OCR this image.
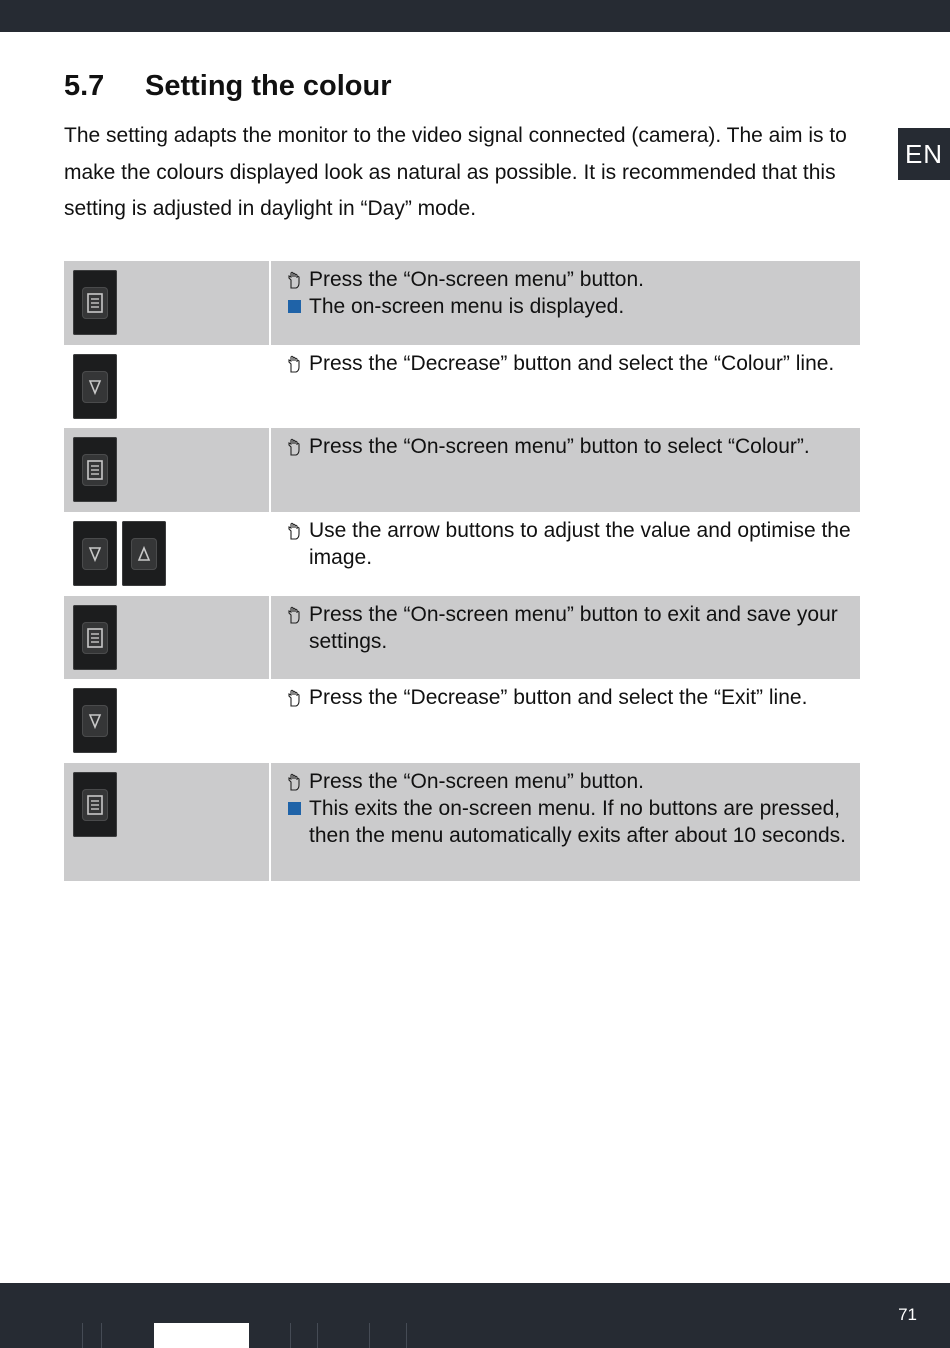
EN
5.7 Setting the colour

The setting adapts the monitor to the video signal connected (camera). The aim is to make the colours displayed look as natural as possible. It is recommended that this setting is adjusted in daylight in “Day” mode.

Press the “On-screen menu” button.
The on-screen menu is displayed.
Press the “Decrease” button and select the “Colour” line.
Press the “On-screen menu” button to select “Colour”.
Use the arrow buttons to adjust the value and optimise the image.
Press the “On-screen menu” button to exit and save your settings.
Press the “Decrease” button and select the “Exit” line.
Press the “On-screen menu” button.
This exits the on-screen menu. If no buttons are pressed, then the menu automatically exits after about 10 seconds.
71
